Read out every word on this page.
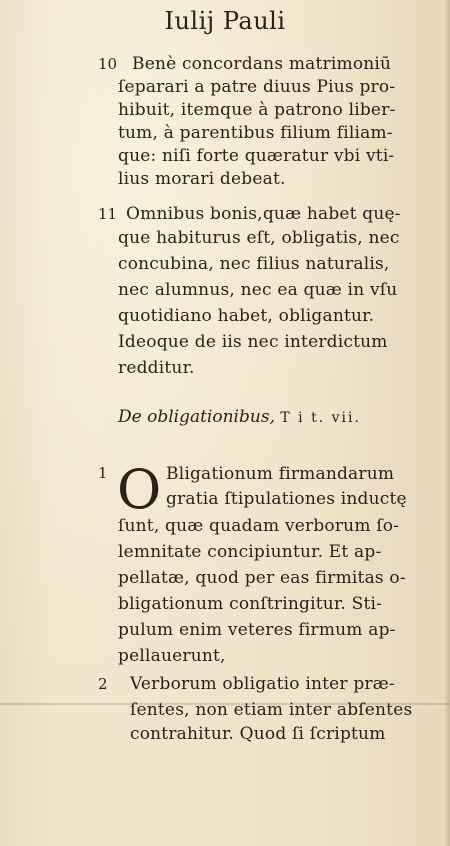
Iulij Pauli
10 Benè concordans matrimoniū
ſeparari a patre diuus Pius pro-
hibuit, itemque à patrono liber-
tum, à parentibus filium filiam-
que: niſi forte quæratur vbi vti-
lius morari debeat.
11 Omnibus bonis,quæ habet quę-
que habiturus eſt, obligatis, nec
concubina, nec filius naturalis,
nec alumnus, nec ea quæ in vſu
quotidiano habet, obligantur.
Ideoque de iis nec interdictum
redditur.
De obligationibus, T i t. vii.
1 O Bligationum firmandarum
gratia ſtipulationes inductę
ſunt, quæ quadam verborum ſo-
lemnitate concipiuntur. Et ap-
pellatæ, quod per eas firmitas o-
bligationum conſtringitur. Sti-
pulum enim veteres firmum ap-
pellauerunt,
2 Verborum obligatio inter præ-
ſentes, non etiam inter abſentes
contrahitur. Quod ſi ſcriptum
